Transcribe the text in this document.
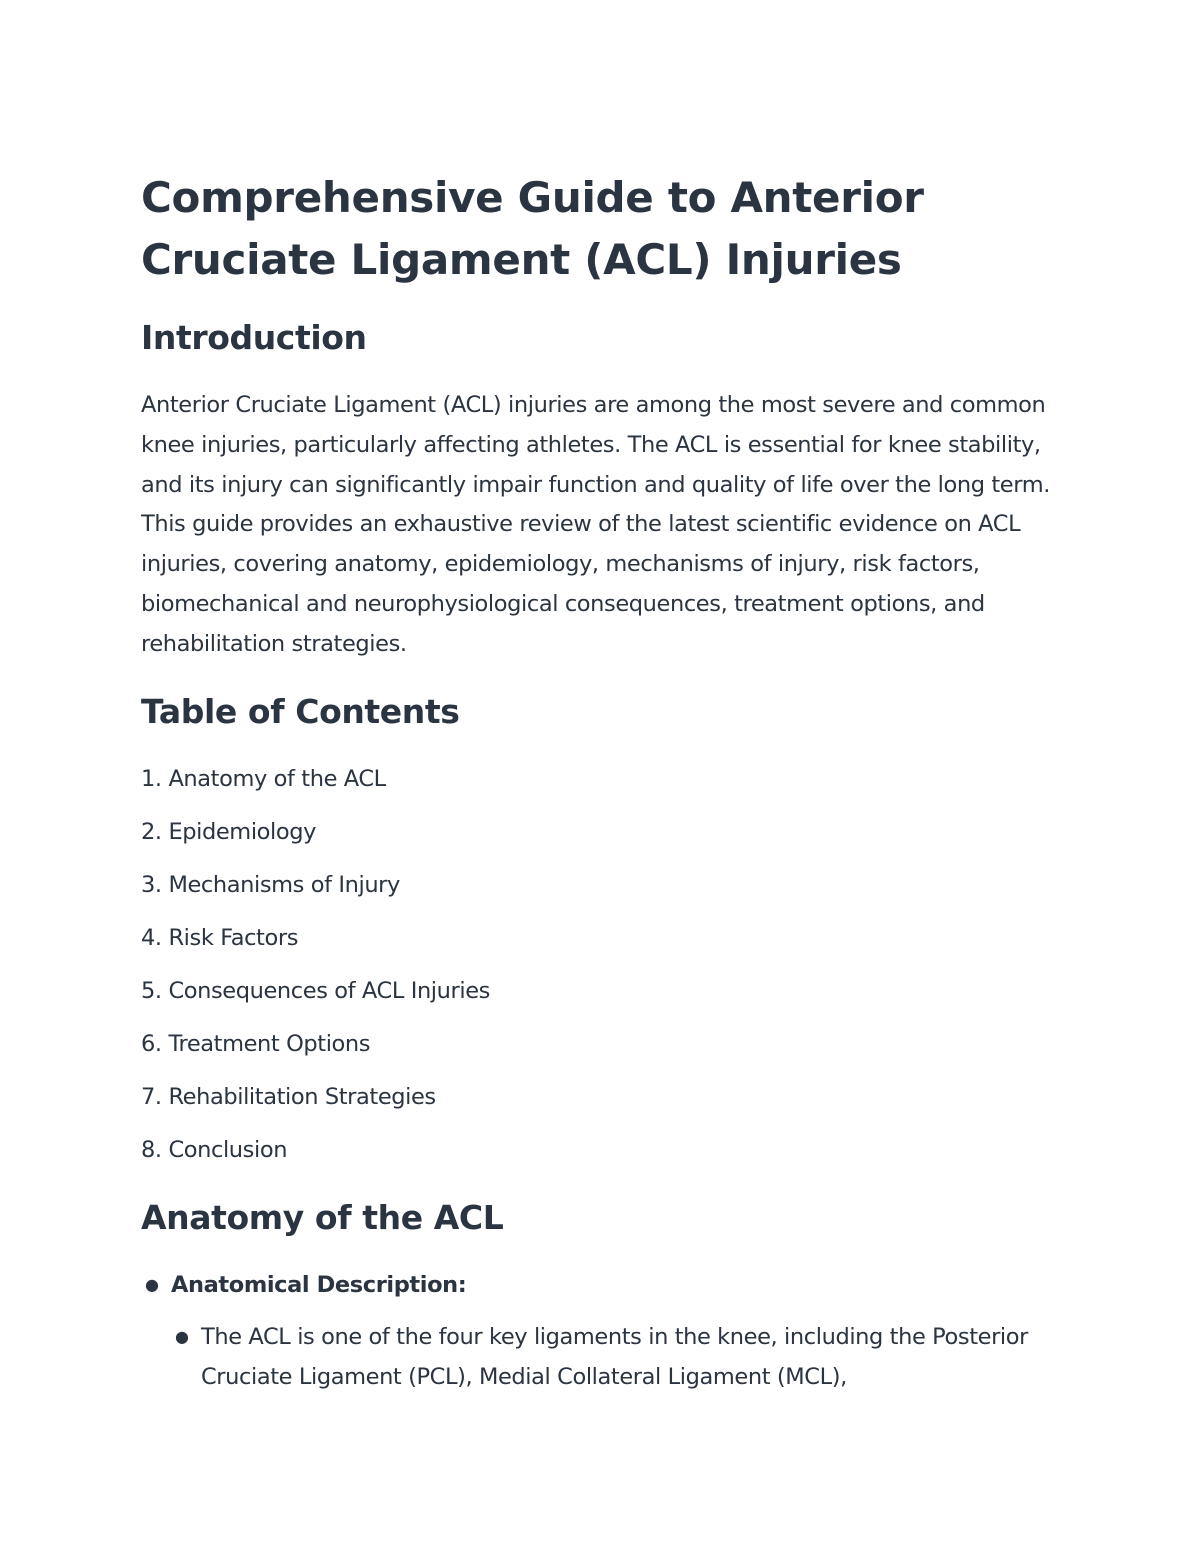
Comprehensive Guide to Anterior Cruciate Ligament (ACL) Injuries
Introduction

Anterior Cruciate Ligament (ACL) injuries are among the most severe and common knee injuries, particularly affecting athletes. The ACL is essential for knee stability, and its injury can significantly impair function and quality of life over the long term. This guide provides an exhaustive review of the latest scientific evidence on ACL injuries, covering anatomy, epidemiology, mechanisms of injury, risk factors, biomechanical and neurophysiological consequences, treatment options, and rehabilitation strategies.

Table of Contents
1. Anatomy of the ACL
2. Epidemiology
3. Mechanisms of Injury
4. Risk Factors
5. Consequences of ACL Injuries
6. Treatment Options
7. Rehabilitation Strategies
8. Conclusion
Anatomy of the ACL
● Anatomical Description:
● The ACL is one of the four key ligaments in the knee, including the Posterior Cruciate Ligament (PCL), Medial Collateral Ligament (MCL),
